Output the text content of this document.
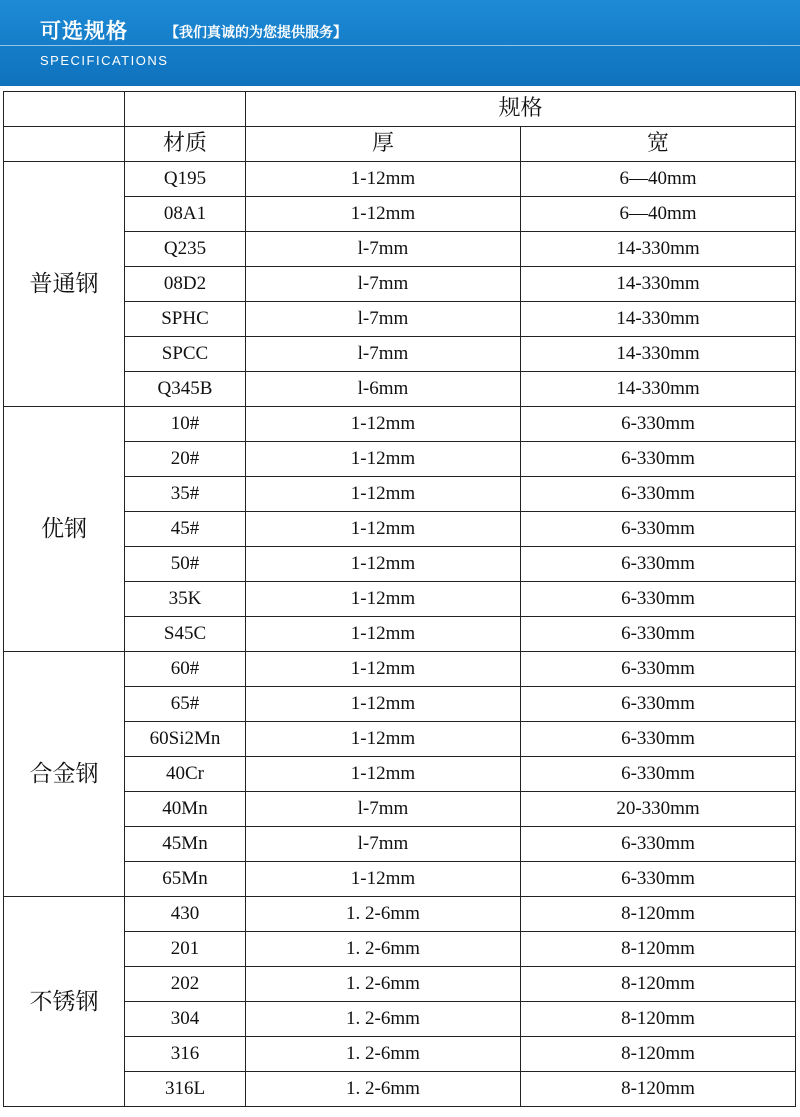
可选规格	【我们真诚的为您提供服务】
SPECIFICATIONS
		规格	
	材质	厚	宽
普通钢	Q195	1-12mm	6—40mm
	08A1	1-12mm	6—40mm
	Q235	l-7mm	14-330mm
	08D2	l-7mm	14-330mm
	SPHC	l-7mm	14-330mm
	SPCC	l-7mm	14-330mm
	Q345B	l-6mm	14-330mm
优钢	10#	1-12mm	6-330mm
	20#	1-12mm	6-330mm
	35#	1-12mm	6-330mm
	45#	1-12mm	6-330mm
	50#	1-12mm	6-330mm
	35K	1-12mm	6-330mm
	S45C	1-12mm	6-330mm
合金钢	60#	1-12mm	6-330mm
	65#	1-12mm	6-330mm
	60Si2Mn	1-12mm	6-330mm
	40Cr	1-12mm	6-330mm
	40Mn	l-7mm	20-330mm
	45Mn	l-7mm	6-330mm
	65Mn	1-12mm	6-330mm
不锈钢	430	1. 2-6mm	8-120mm
	201	1. 2-6mm	8-120mm
	202	1. 2-6mm	8-120mm
	304	1. 2-6mm	8-120mm
	316	1. 2-6mm	8-120mm
	316L	1. 2-6mm	8-120mm
